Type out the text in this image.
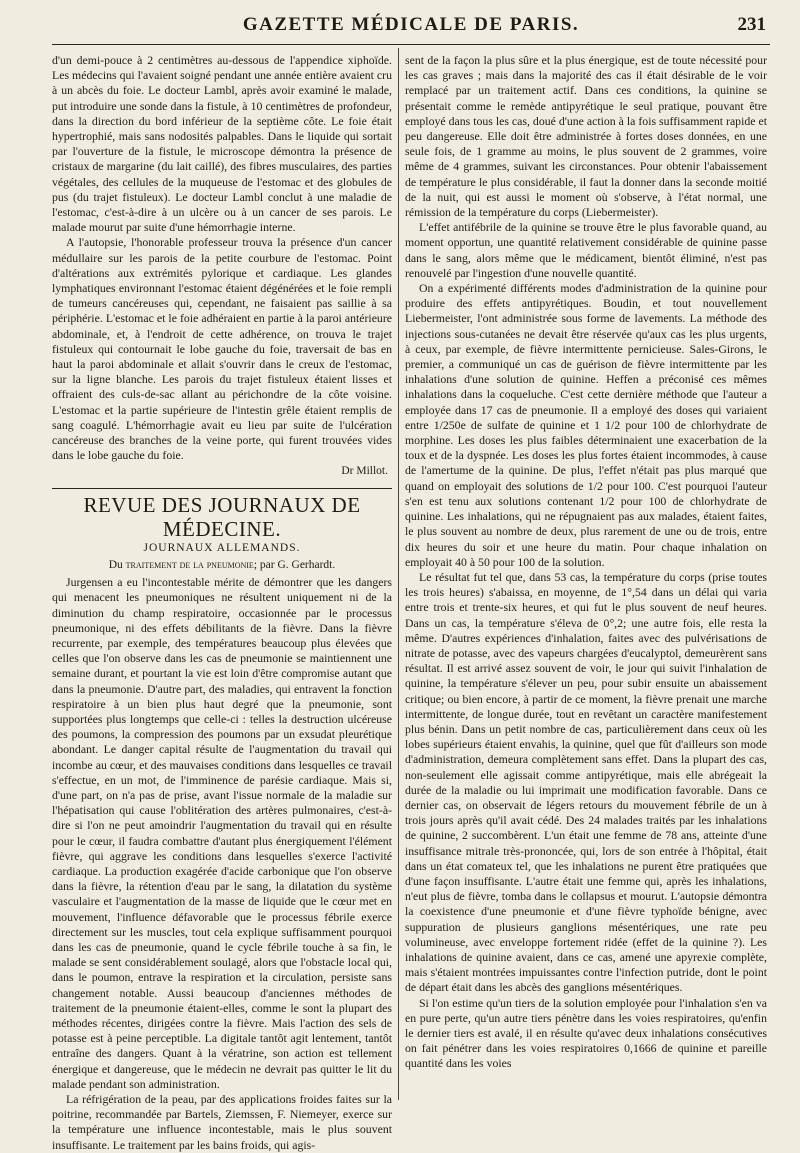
GAZETTE MÉDICALE DE PARIS.	231

d'un demi-pouce à 2 centimètres au-dessous de l'appendice xiphoïde. Les médecins qui l'avaient soigné pendant une année entière avaient cru à un abcès du foie. Le docteur Lambl, après avoir examiné le malade, put introduire une sonde dans la fistule, à 10 centimètres de profondeur, dans la direction du bord inférieur de la septième côte. Le foie était hypertrophié, mais sans nodosités palpables. Dans le liquide qui sortait par l'ouverture de la fistule, le microscope démontra la présence de cristaux de margarine (du lait caillé), des fibres musculaires, des parties végétales, des cellules de la muqueuse de l'estomac et des globules de pus (du trajet fistuleux). Le docteur Lambl conclut à une maladie de l'estomac, c'est-à-dire à un ulcère ou à un cancer de ses parois. Le malade mourut par suite d'une hémorrhagie interne.

A l'autopsie, l'honorable professeur trouva la présence d'un cancer médullaire sur les parois de la petite courbure de l'estomac. Point d'altérations aux extrémités pylorique et cardiaque. Les glandes lymphatiques environnant l'estomac étaient dégénérées et le foie rempli de tumeurs cancéreuses qui, cependant, ne faisaient pas saillie à sa périphérie. L'estomac et le foie adhéraient en partie à la paroi antérieure abdominale, et, à l'endroit de cette adhérence, on trouva le trajet fistuleux qui contournait le lobe gauche du foie, traversait de bas en haut la paroi abdominale et allait s'ouvrir dans le creux de l'estomac, sur la ligne blanche. Les parois du trajet fistuleux étaient lisses et offraient des culs-de-sac allant au périchondre de la côte voisine. L'estomac et la partie supérieure de l'intestin grêle étaient remplis de sang coagulé. L'hémorrhagie avait eu lieu par suite de l'ulcération cancéreuse des branches de la veine porte, qui furent trouvées vides dans le lobe gauche du foie.

Dr Millot.
REVUE DES JOURNAUX DE MÉDECINE.
JOURNAUX ALLEMANDS.
Du traitement de la pneumonie; par G. Gerhardt.

Jurgensen a eu l'incontestable mérite de démontrer que les dangers qui menacent les pneumoniques ne résultent uniquement ni de la diminution du champ respiratoire, occasionnée par le processus pneumonique, ni des effets débilitants de la fièvre. Dans la fièvre recurrente, par exemple, des températures beaucoup plus élevées que celles que l'on observe dans les cas de pneumonie se maintiennent une semaine durant, et pourtant la vie est loin d'être compromise autant que dans la pneumonie. D'autre part, des maladies, qui entravent la fonction respiratoire à un bien plus haut degré que la pneumonie, sont supportées plus longtemps que celle-ci : telles la destruction ulcéreuse des poumons, la compression des poumons par un exsudat pleurétique abondant. Le danger capital résulte de l'augmentation du travail qui incombe au cœur, et des mauvaises conditions dans lesquelles ce travail s'effectue, en un mot, de l'imminence de parésie cardiaque. Mais si, d'une part, on n'a pas de prise, avant l'issue normale de la maladie sur l'hépatisation qui cause l'oblitération des artères pulmonaires, c'est-à-dire si l'on ne peut amoindrir l'augmentation du travail qui en résulte pour le cœur, il faudra combattre d'autant plus énergiquement l'élément fièvre, qui aggrave les conditions dans lesquelles s'exerce l'activité cardiaque. La production exagérée d'acide carbonique que l'on observe dans la fièvre, la rétention d'eau par le sang, la dilatation du système vasculaire et l'augmentation de la masse de liquide que le cœur met en mouvement, l'influence défavorable que le processus fébrile exerce directement sur les muscles, tout cela explique suffisamment pourquoi dans les cas de pneumonie, quand le cycle fébrile touche à sa fin, le malade se sent considérablement soulagé, alors que l'obstacle local qui, dans le poumon, entrave la respiration et la circulation, persiste sans changement notable. Aussi beaucoup d'anciennes méthodes de traitement de la pneumonie étaient-elles, comme le sont la plupart des méthodes récentes, dirigées contre la fièvre. Mais l'action des sels de potasse est à peine perceptible. La digitale tantôt agit lentement, tantôt entraîne des dangers. Quant à la vératrine, son action est tellement énergique et dangereuse, que le médecin ne devrait pas quitter le lit du malade pendant son administration.

La réfrigération de la peau, par des applications froides faites sur la poitrine, recommandée par Bartels, Ziemssen, F. Niemeyer, exerce sur la température une influence incontestable, mais le plus souvent insuffisante. Le traitement par les bains froids, qui agis-

sent de la façon la plus sûre et la plus énergique, est de toute nécessité pour les cas graves ; mais dans la majorité des cas il était désirable de le voir remplacé par un traitement actif. Dans ces conditions, la quinine se présentait comme le remède antipyrétique le seul pratique, pouvant être employé dans tous les cas, doué d'une action à la fois suffisamment rapide et peu dangereuse. Elle doit être administrée à fortes doses données, en une seule fois, de 1 gramme au moins, le plus souvent de 2 grammes, voire même de 4 grammes, suivant les circonstances. Pour obtenir l'abaissement de température le plus considérable, il faut la donner dans la seconde moitié de la nuit, qui est aussi le moment où s'observe, à l'état normal, une rémission de la température du corps (Liebermeister).

L'effet antifébrile de la quinine se trouve être le plus favorable quand, au moment opportun, une quantité relativement considérable de quinine passe dans le sang, alors même que le médicament, bientôt éliminé, n'est pas renouvelé par l'ingestion d'une nouvelle quantité.

On a expérimenté différents modes d'administration de la quinine pour produire des effets antipyrétiques. Boudin, et tout nouvellement Liebermeister, l'ont administrée sous forme de lavements. La méthode des injections sous-cutanées ne devait être réservée qu'aux cas les plus urgents, à ceux, par exemple, de fièvre intermittente pernicieuse. Sales-Girons, le premier, a communiqué un cas de guérison de fièvre intermittente par les inhalations d'une solution de quinine. Heffen a préconisé ces mêmes inhalations dans la coqueluche. C'est cette dernière méthode que l'auteur a employée dans 17 cas de pneumonie. Il a employé des doses qui variaient entre 1/250e de sulfate de quinine et 1 1/2 pour 100 de chlorhydrate de morphine. Les doses les plus faibles déterminaient une exacerbation de la toux et de la dyspnée. Les doses les plus fortes étaient incommodes, à cause de l'amertume de la quinine. De plus, l'effet n'était pas plus marqué que quand on employait des solutions de 1/2 pour 100. C'est pourquoi l'auteur s'en est tenu aux solutions contenant 1/2 pour 100 de chlorhydrate de quinine. Les inhalations, qui ne répugnaient pas aux malades, étaient faites, le plus souvent au nombre de deux, plus rarement de une ou de trois, entre dix heures du soir et une heure du matin. Pour chaque inhalation on employait 40 à 50 pour 100 de la solution.

Le résultat fut tel que, dans 53 cas, la température du corps (prise toutes les trois heures) s'abaissa, en moyenne, de 1°,54 dans un délai qui varia entre trois et trente-six heures, et qui fut le plus souvent de neuf heures. Dans un cas, la température s'éleva de 0°,2; une autre fois, elle resta la même. D'autres expériences d'inhalation, faites avec des pulvérisations de nitrate de potasse, avec des vapeurs chargées d'eucalyptol, demeurèrent sans résultat. Il est arrivé assez souvent de voir, le jour qui suivit l'inhalation de quinine, la température s'élever un peu, pour subir ensuite un abaissement critique; ou bien encore, à partir de ce moment, la fièvre prenait une marche intermittente, de longue durée, tout en revêtant un caractère manifestement plus bénin. Dans un petit nombre de cas, particulièrement dans ceux où les lobes supérieurs étaient envahis, la quinine, quel que fût d'ailleurs son mode d'administration, demeura complètement sans effet. Dans la plupart des cas, non-seulement elle agissait comme antipyrétique, mais elle abrégeait la durée de la maladie ou lui imprimait une modification favorable. Dans ce dernier cas, on observait de légers retours du mouvement fébrile de un à trois jours après qu'il avait cédé. Des 24 malades traités par les inhalations de quinine, 2 succombèrent. L'un était une femme de 78 ans, atteinte d'une insuffisance mitrale très-prononcée, qui, lors de son entrée à l'hôpital, était dans un état comateux tel, que les inhalations ne purent être pratiquées que d'une façon insuffisante. L'autre était une femme qui, après les inhalations, n'eut plus de fièvre, tomba dans le collapsus et mourut. L'autopsie démontra la coexistence d'une pneumonie et d'une fièvre typhoïde bénigne, avec suppuration de plusieurs ganglions mésentériques, une rate peu volumineuse, avec enveloppe fortement ridée (effet de la quinine ?). Les inhalations de quinine avaient, dans ce cas, amené une apyrexie complète, mais s'étaient montrées impuissantes contre l'infection putride, dont le point de départ était dans les abcès des ganglions mésentériques.

Si l'on estime qu'un tiers de la solution employée pour l'inhalation s'en va en pure perte, qu'un autre tiers pénètre dans les voies respiratoires, qu'enfin le dernier tiers est avalé, il en résulte qu'avec deux inhalations consécutives on fait pénétrer dans les voies respiratoires 0,1666 de quinine et pareille quantité dans les voies
